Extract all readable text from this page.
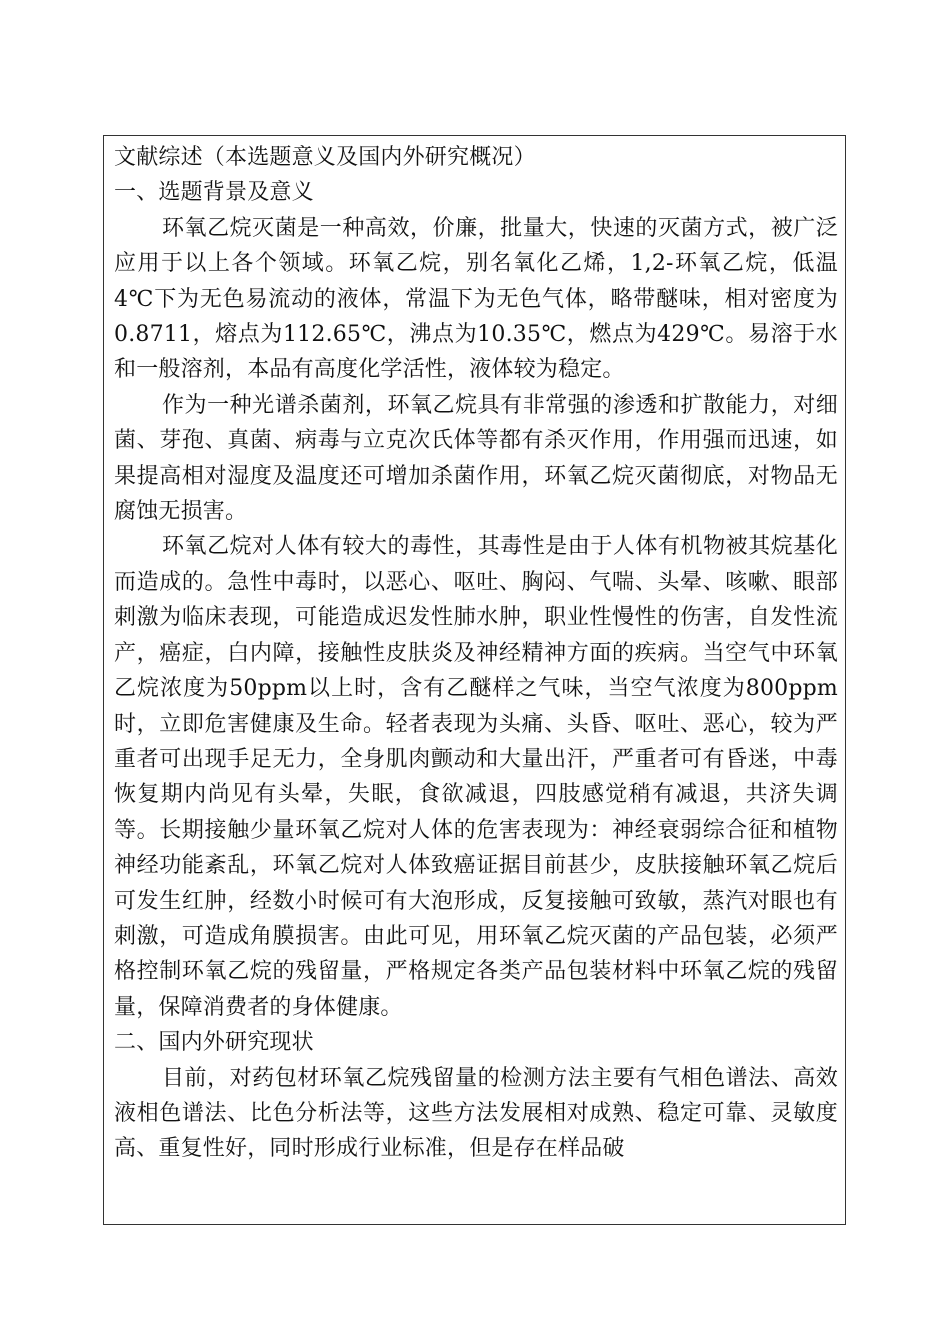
文献综述（本选题意义及国内外研究概况）

一、选题背景及意义

环氧乙烷灭菌是一种高效，价廉，批量大，快速的灭菌方式，被广泛应用于以上各个领域。环氧乙烷，别名氧化乙烯，1,2-环氧乙烷，低温4℃下为无色易流动的液体，常温下为无色气体，略带醚味，相对密度为0.8711，熔点为112.65℃，沸点为10.35℃，燃点为429℃。易溶于水和一般溶剂，本品有高度化学活性，液体较为稳定。

作为一种光谱杀菌剂，环氧乙烷具有非常强的渗透和扩散能力，对细菌、芽孢、真菌、病毒与立克次氏体等都有杀灭作用，作用强而迅速，如果提高相对湿度及温度还可增加杀菌作用，环氧乙烷灭菌彻底，对物品无腐蚀无损害。

环氧乙烷对人体有较大的毒性，其毒性是由于人体有机物被其烷基化而造成的。急性中毒时，以恶心、呕吐、胸闷、气喘、头晕、咳嗽、眼部刺激为临床表现，可能造成迟发性肺水肿，职业性慢性的伤害，自发性流产，癌症，白内障，接触性皮肤炎及神经精神方面的疾病。当空气中环氧乙烷浓度为50ppm以上时，含有乙醚样之气味，当空气浓度为800ppm时，立即危害健康及生命。轻者表现为头痛、头昏、呕吐、恶心，较为严重者可出现手足无力，全身肌肉颤动和大量出汗，严重者可有昏迷，中毒恢复期内尚见有头晕，失眠，食欲减退，四肢感觉稍有减退，共济失调等。长期接触少量环氧乙烷对人体的危害表现为：神经衰弱综合征和植物神经功能紊乱，环氧乙烷对人体致癌证据目前甚少，皮肤接触环氧乙烷后可发生红肿，经数小时候可有大泡形成，反复接触可致敏，蒸汽对眼也有刺激，可造成角膜损害。由此可见，用环氧乙烷灭菌的产品包装，必须严格控制环氧乙烷的残留量，严格规定各类产品包装材料中环氧乙烷的残留量，保障消费者的身体健康。

二、国内外研究现状

目前，对药包材环氧乙烷残留量的检测方法主要有气相色谱法、高效液相色谱法、比色分析法等，这些方法发展相对成熟、稳定可靠、灵敏度高、重复性好，同时形成行业标准，但是存在样品破
